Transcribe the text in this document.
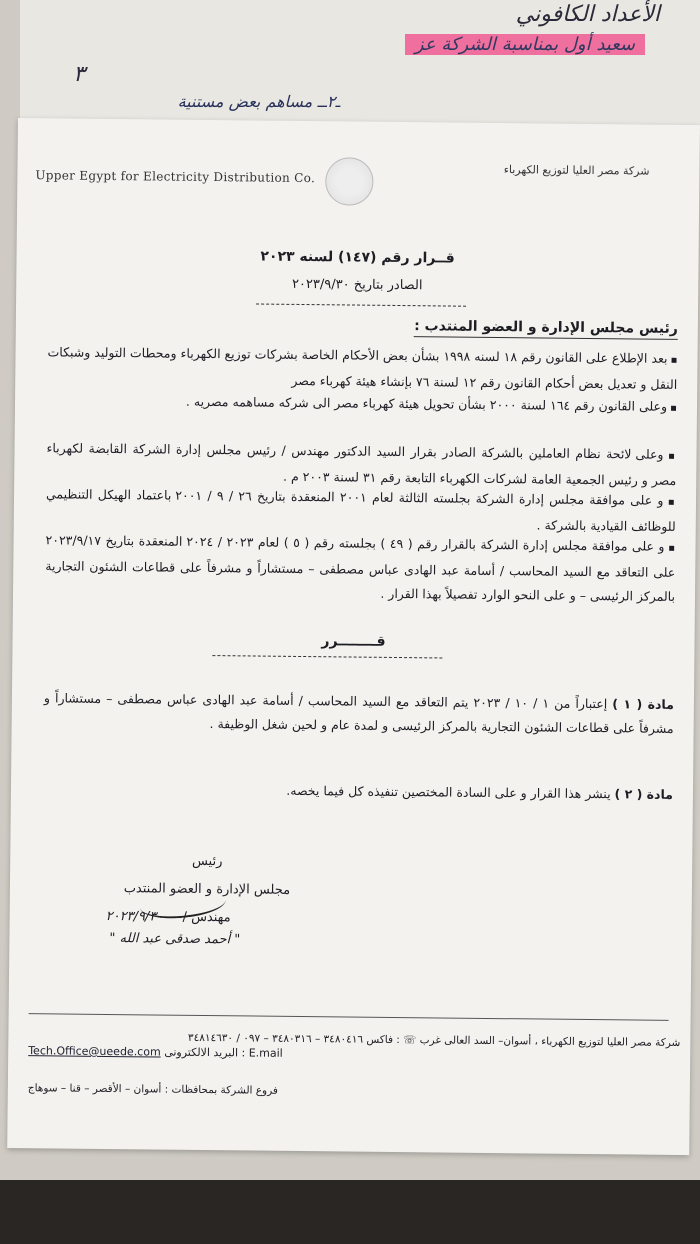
الأعداد الكافوني
سعيد أول بمناسبة الشركة عز
٣
ـ٢ــ مساهم بعض مستنية
Upper Egypt for Electricity Distribution Co.	شركة مصر العليا لتوزيع الكهرباء
قــرار رقم (١٤٧) لسنه ٢٠٢٣
الصادر بتاريخ ٢٠٢٣/٩/٣٠
رئيس مجلس الإدارة و العضو المنتدب :
▪ بعد الإطلاع على القانون رقم ١٨ لسنه ١٩٩٨ بشأن بعض الأحكام الخاصة بشركات توزيع الكهرباء ومحطات التوليد وشبكات النقل و تعديل بعض أحكام القانون رقم ١٢ لسنة ٧٦ بإنشاء هيئة كهرباء مصر
▪ وعلى القانون رقم ١٦٤ لسنة ٢٠٠٠ بشأن تحويل هيئة كهرباء مصر الى شركه مساهمه مصريه .
▪ وعلى لائحة نظام العاملين بالشركة الصادر بقرار السيد الدكتور مهندس / رئيس مجلس إدارة الشركة القابضة لكهرباء مصر و رئيس الجمعية العامة لشركات الكهرباء التابعة رقم ٣١ لسنة ٢٠٠٣ م .
▪ و على موافقة مجلس إدارة الشركة بجلسته الثالثة لعام ٢٠٠١ المنعقدة بتاريخ ٢٦ / ٩ / ٢٠٠١ باعتماد الهيكل التنظيمي للوظائف القيادية بالشركة .
▪ و على موافقة مجلس إدارة الشركة بالقرار رقم ( ٤٩ ) بجلسته رقم ( ٥ ) لعام ٢٠٢٣ / ٢٠٢٤ المنعقدة بتاريخ ٢٠٢٣/٩/١٧ على التعاقد مع السيد المحاسب / أسامة عبد الهادى عباس مصطفى – مستشاراً و مشرفاً على قطاعات الشئون التجارية بالمركز الرئيسى – و على النحو الوارد تفصيلاً بهذا القرار .
قــــــــرر
مادة ( ١ ) إعتباراً من ١ / ١٠ / ٢٠٢٣ يتم التعاقد مع السيد المحاسب / أسامة عبد الهادى عباس مصطفى – مستشاراً و مشرفاً على قطاعات الشئون التجارية بالمركز الرئيسى و لمدة عام و لحين شغل الوظيفة .
مادة ( ٢ ) ينشر هذا القرار و على السادة المختصين تنفيذه كل فيما يخصه.
رئيس
مجلس الإدارة و العضو المنتدب
مهندس /
٢٠٢٣/٩/٣٠
" أحمد صدقى عبد الله "
شركة مصر العليا لتوزيع الكهرباء ، أسوان– السد العالى غرب ☏ : فاكس ٣٤٨٠٤١٦ – ٣٤٨٠٣١٦ – ٠٩٧ / ٣٤٨١٤٦٣٠
Tech.Office@ueede.com البريد الالكترونى : E.mail
فروع الشركة بمحافظات : أسوان – الأقصر – قنا – سوهاج
